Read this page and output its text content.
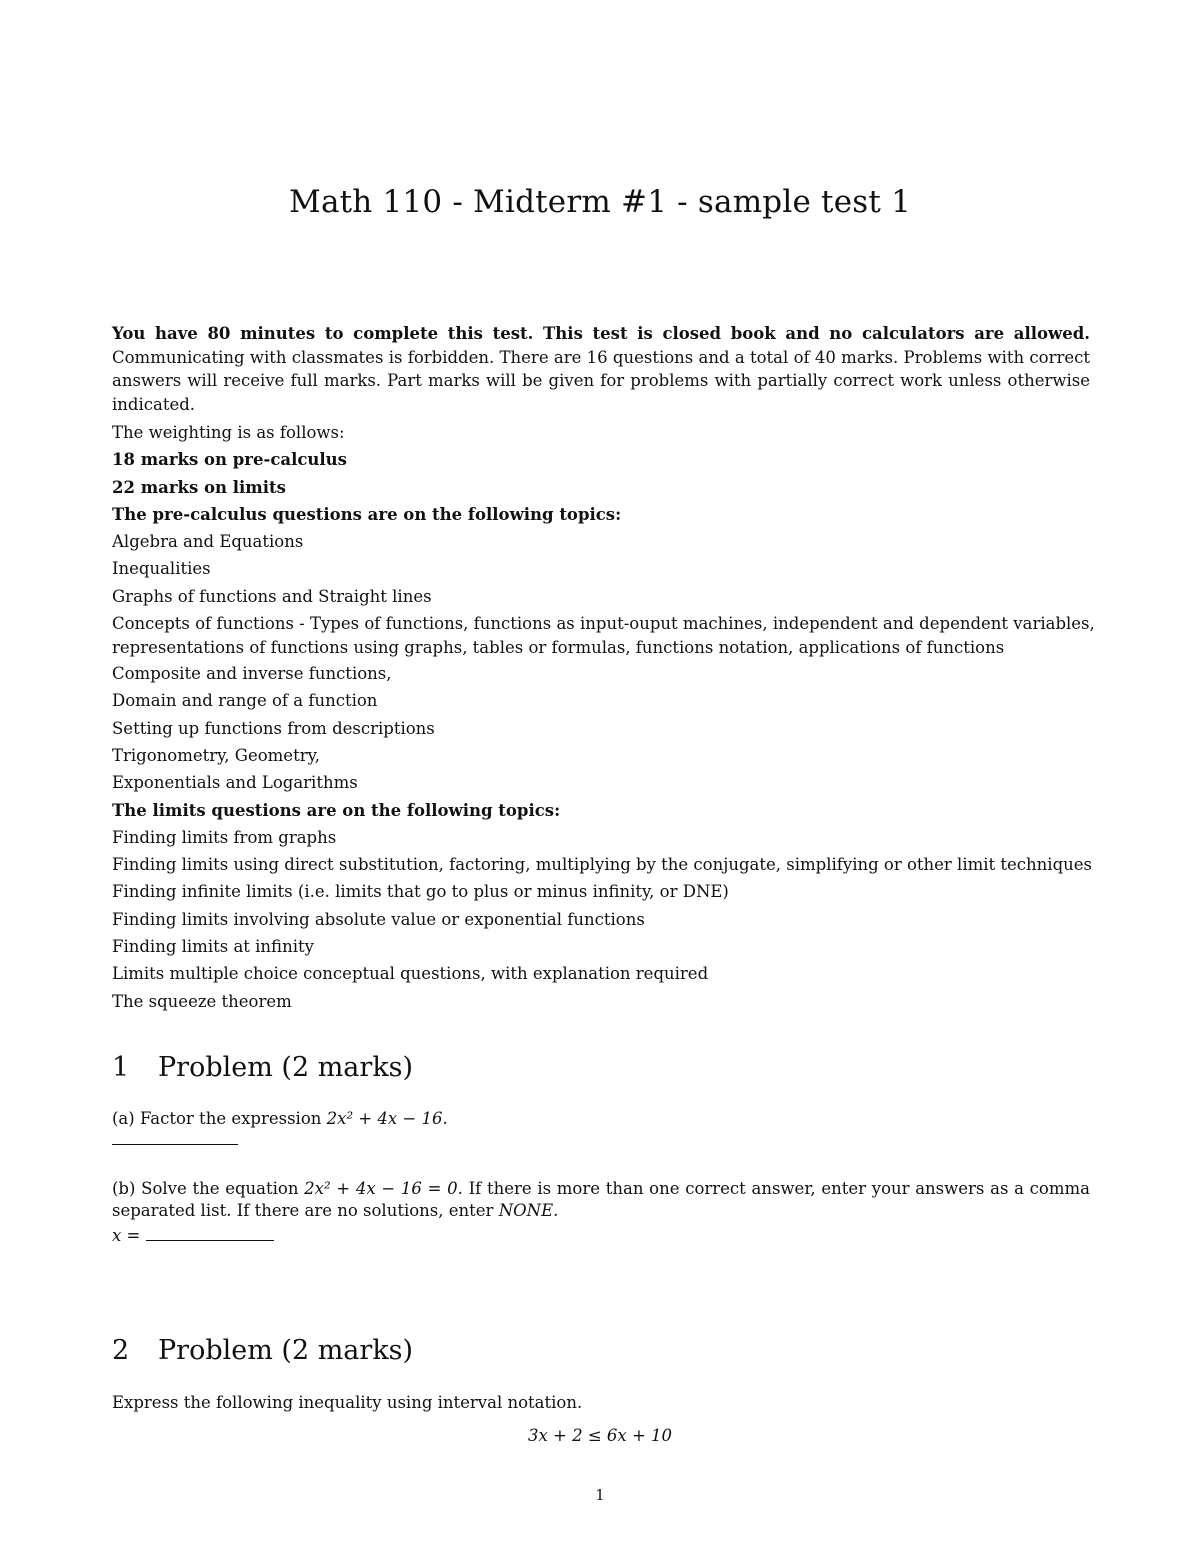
Math 110 - Midterm #1 - sample test 1

You have 80 minutes to complete this test. This test is closed book and no calculators are allowed. Communicating with classmates is forbidden. There are 16 questions and a total of 40 marks. Problems with correct answers will receive full marks. Part marks will be given for problems with partially correct work unless otherwise indicated.

The weighting is as follows:
18 marks on pre-calculus
22 marks on limits
The pre-calculus questions are on the following topics:
Algebra and Equations
Inequalities
Graphs of functions and Straight lines
Concepts of functions - Types of functions, functions as input-ouput machines, independent and dependent variables, representations of functions using graphs, tables or formulas, functions notation, applications of functions
Composite and inverse functions,
Domain and range of a function
Setting up functions from descriptions
Trigonometry, Geometry,
Exponentials and Logarithms
The limits questions are on the following topics:
Finding limits from graphs
Finding limits using direct substitution, factoring, multiplying by the conjugate, simplifying or other limit techniques
Finding infinite limits (i.e. limits that go to plus or minus infinity, or DNE)
Finding limits involving absolute value or exponential functions
Finding limits at infinity
Limits multiple choice conceptual questions, with explanation required
The squeeze theorem
1 Problem (2 marks)
(a) Factor the expression 2x² + 4x − 16.
(b) Solve the equation 2x² + 4x − 16 = 0. If there is more than one correct answer, enter your answers as a comma separated list. If there are no solutions, enter NONE.
x =
2 Problem (2 marks)
Express the following inequality using interval notation.
3x + 2 ≤ 6x + 10
1
